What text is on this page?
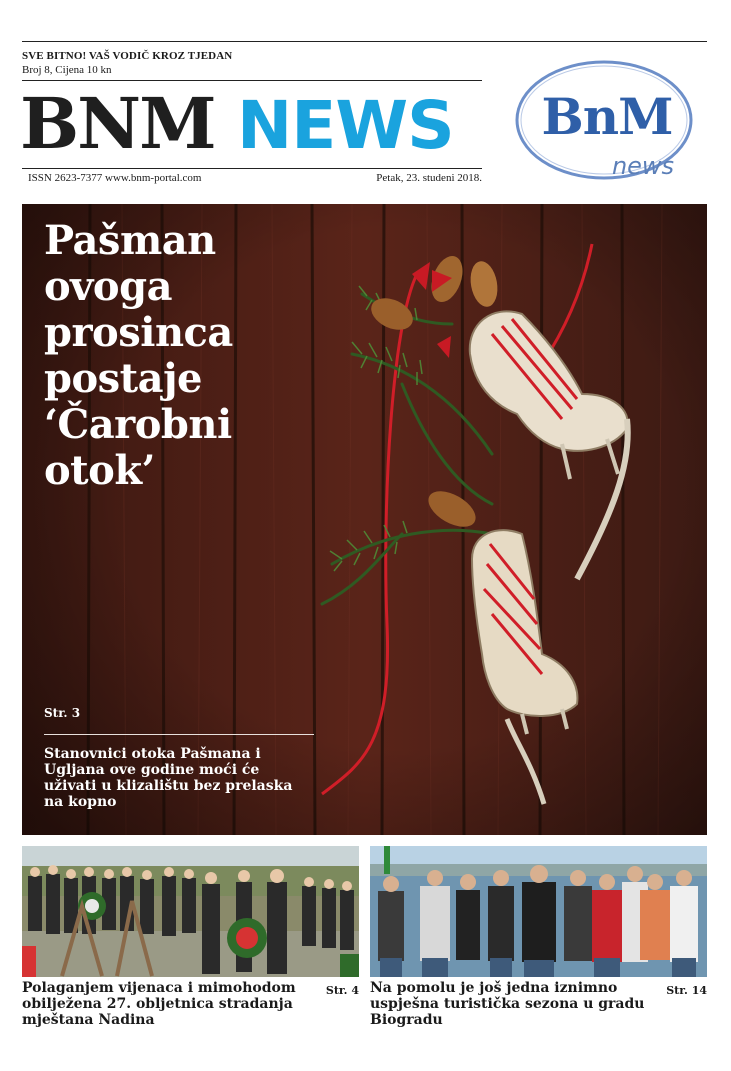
SVE BITNO! VAŠ VODIČ KROZ TJEDAN
Broj 8, Cijena 10 kn
BNM NEWS
ISSN 2623-7377 www.bnm-portal.com	Petak, 23. studeni 2018.
BnM
news
Pašman ovoga prosinca postaje ‘Čarobni otok’
Str. 3
Stanovnici otoka Pašmana i Ugljana ove godine moći će uživati u klizalištu bez prelaska na kopno
Polaganjem vijenaca i mimohodom obilježena 27. obljetnica stradanja mještana Nadina
Str. 4 Na pomolu je još jedna iznimno uspješna turistička sezona u gradu Biogradu
Str. 14
